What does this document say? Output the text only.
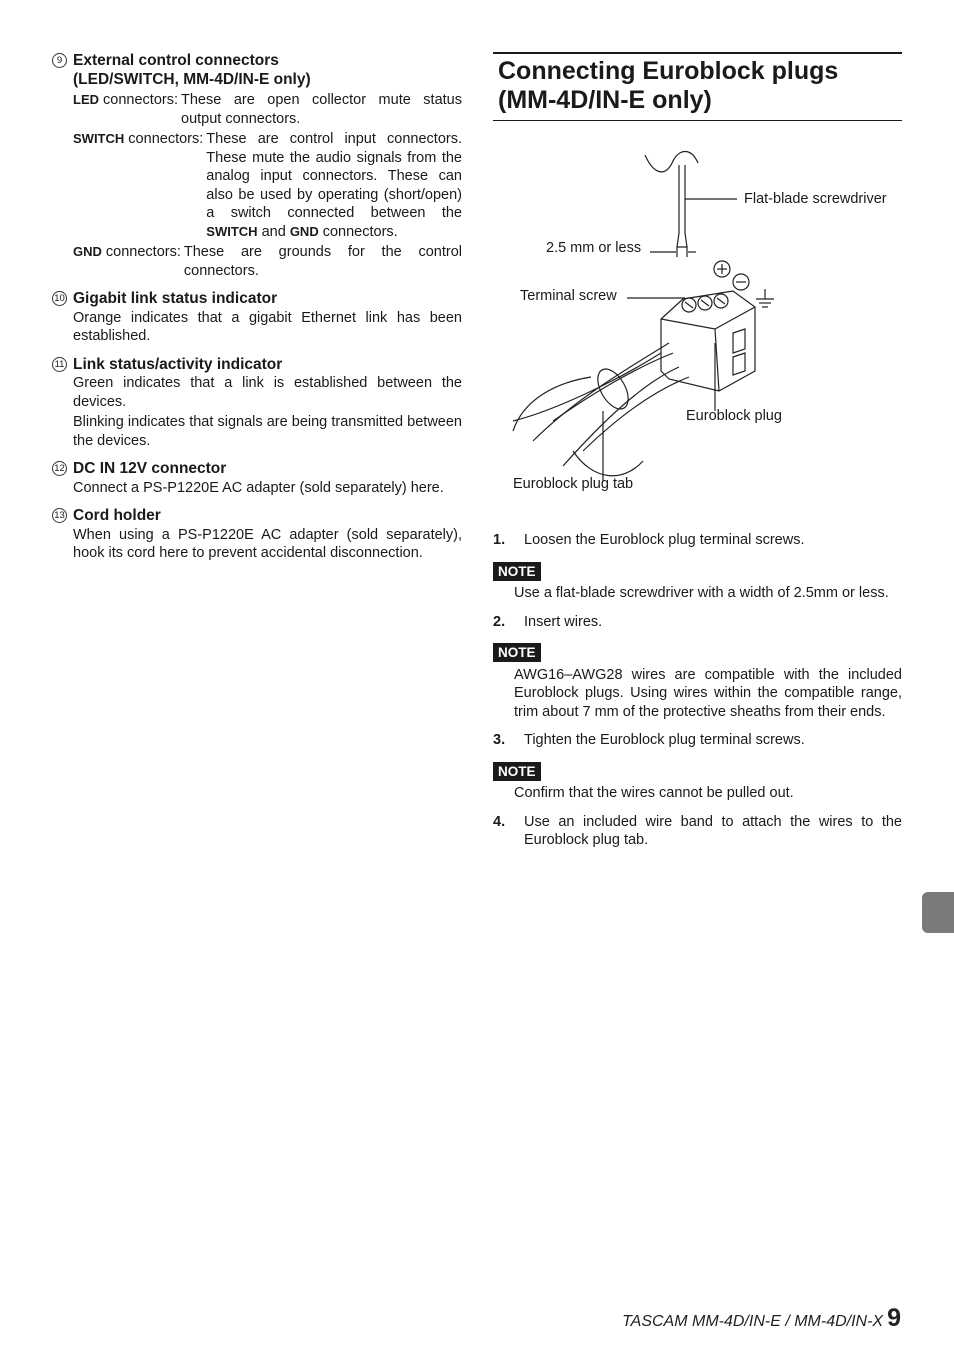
9 External control connectors
(LED/SWITCH, MM-4D/IN-E only)
LED connectors: These are open collector mute status output connectors.
SWITCH connectors: These are control input connectors. These mute the audio signals from the analog input connectors. These can also be used by operating (short/open) a switch connected between the SWITCH and GND connectors.
GND connectors: These are grounds for the control connectors.
10 Gigabit link status indicator

Orange indicates that a gigabit Ethernet link has been established.

11 Link status/activity indicator

Green indicates that a link is established between the devices.

Blinking indicates that signals are being transmitted between the devices.

12 DC IN 12V connector

Connect a PS-P1220E AC adapter (sold separately) here.

13 Cord holder

When using a PS-P1220E AC adapter (sold separately), hook its cord here to prevent accidental disconnection.

Connecting Euroblock plugs
(MM-4D/IN-E only)
Flat-blade screwdriver
2.5 mm or less
Terminal screw
Euroblock plug
Euroblock plug tab
1. Loosen the Euroblock plug terminal screws.

NOTE
Use a flat-blade screwdriver with a width of 2.5mm or less.
2. Insert wires.

NOTE
AWG16–AWG28 wires are compatible with the included Euroblock plugs. Using wires within the compatible range, trim about 7 mm of the protective sheaths from their ends.
3. Tighten the Euroblock plug terminal screws.

NOTE
Confirm that the wires cannot be pulled out.
4. Use an included wire band to attach the wires to the Euroblock plug tab.

TASCAM MM-4D/IN-E / MM-4D/IN-X 9
